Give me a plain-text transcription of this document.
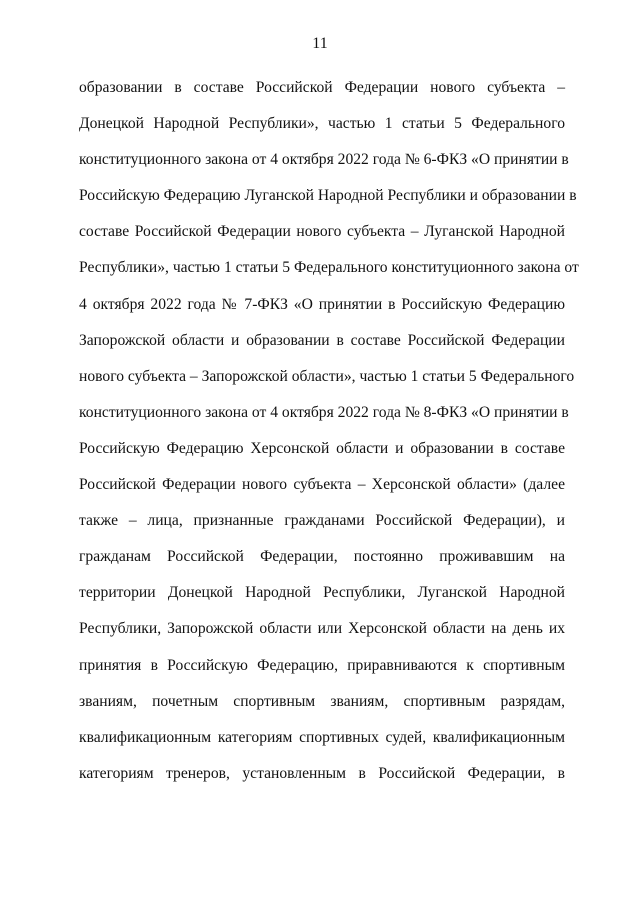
11
образовании в составе Российской Федерации нового субъекта –
Донецкой Народной Республики», частью 1 статьи 5 Федерального
конституционного закона от 4 октября 2022 года № 6-ФКЗ «О принятии в
Российскую Федерацию Луганской Народной Республики и образовании в
составе Российской Федерации нового субъекта – Луганской Народной
Республики», частью 1 статьи 5 Федерального конституционного закона от
4 октября 2022 года № 7-ФКЗ «О принятии в Российскую Федерацию
Запорожской области и образовании в составе Российской Федерации
нового субъекта – Запорожской области», частью 1 статьи 5 Федерального
конституционного закона от 4 октября 2022 года № 8-ФКЗ «О принятии в
Российскую Федерацию Херсонской области и образовании в составе
Российской Федерации нового субъекта – Херсонской области» (далее
также – лица, признанные гражданами Российской Федерации), и
гражданам Российской Федерации, постоянно проживавшим на
территории Донецкой Народной Республики, Луганской Народной
Республики, Запорожской области или Херсонской области на день их
принятия в Российскую Федерацию, приравниваются к спортивным
званиям, почетным спортивным званиям, спортивным разрядам,
квалификационным категориям спортивных судей, квалификационным
категориям тренеров, установленным в Российской Федерации, в
